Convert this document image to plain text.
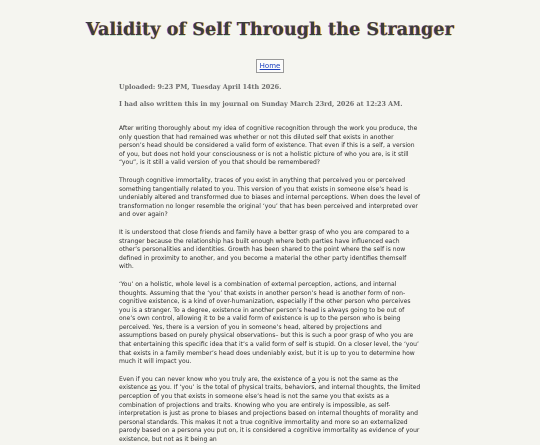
Validity of Self Through the Stranger
Home

Uploaded: 9:23 PM, Tuesday April 14th 2026.

I had also written this in my journal on Sunday March 23rd, 2026 at 12:23 AM.

After writing thoroughly about my idea of cognitive recognition through the work you produce, the only question that had remained was whether or not this diluted self that exists in another person’s head should be considered a valid form of existence. That even if this is a self, a version of you, but does not hold your consciousness or is not a holistic picture of who you are, is it still “you”, is it still a valid version of you that should be remembered?

Through cognitive immortality, traces of you exist in anything that perceived you or perceived something tangentially related to you. This version of you that exists in someone else’s head is undeniably altered and transformed due to biases and internal perceptions. When does the level of transformation no longer resemble the original ‘you’ that has been perceived and interpreted over and over again?

It is understood that close friends and family have a better grasp of who you are compared to a stranger because the relationship has built enough where both parties have influenced each other’s personalities and identities. Growth has been shared to the point where the self is now defined in proximity to another, and you become a material the other party identifies themself with.

‘You’ on a holistic, whole level is a combination of external perception, actions, and internal thoughts. Assuming that the ‘you’ that exists in another person’s head is another form of non-cognitive existence, is a kind of over-humanization, especially if the other person who perceives you is a stranger. To a degree, existence in another person’s head is always going to be out of one’s own control, allowing it to be a valid form of existence is up to the person who is being perceived. Yes, there is a version of you in someone’s head, altered by projections and assumptions based on purely physical observations– but this is such a poor grasp of who you are that entertaining this specific idea that it’s a valid form of self is stupid. On a closer level, the ‘you’ that exists in a family member’s head does undeniably exist, but it is up to you to determine how much it will impact you.

Even if you can never know who you truly are, the existence of a you is not the same as the existence as you. If ‘you’ is the total of physical traits, behaviors, and internal thoughts, the limited perception of you that exists in someone else’s head is not the same you that exists as a combination of projections and traits. Knowing who you are entirely is impossible, as self-interpretation is just as prone to biases and projections based on internal thoughts of morality and personal standards. This makes it not a true cognitive immortality and more so an externalized parody based on a persona you put on, it is considered a cognitive immortality as evidence of your existence, but not as it being an
